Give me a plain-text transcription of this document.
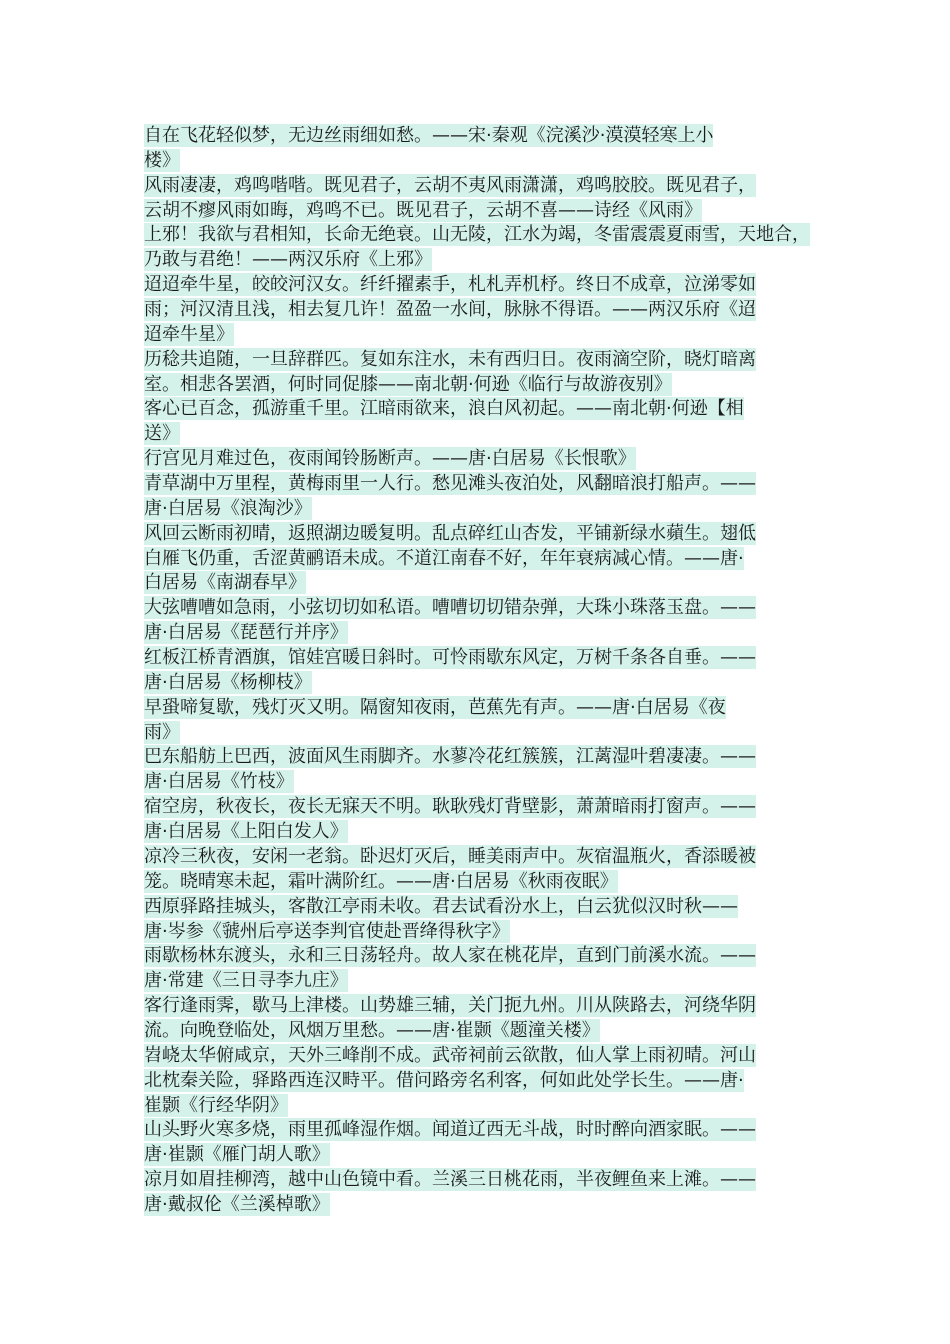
自在飞花轻似梦，无边丝雨细如愁。——宋·秦观《浣溪沙·漠漠轻寒上小
楼》
风雨凄凄，鸡鸣喈喈。既见君子，云胡不夷风雨潇潇，鸡鸣胶胶。既见君子，
云胡不瘳风雨如晦，鸡鸣不已。既见君子，云胡不喜——诗经《风雨》
上邪！我欲与君相知，长命无绝衰。山无陵，江水为竭，冬雷震震夏雨雪，天地合，
乃敢与君绝！——两汉乐府《上邪》
迢迢牵牛星，皎皎河汉女。纤纤擢素手，札札弄机杼。终日不成章，泣涕零如
雨；河汉清且浅，相去复几许！盈盈一水间，脉脉不得语。——两汉乐府《迢
迢牵牛星》
历稔共追随，一旦辞群匹。复如东注水，未有西归日。夜雨滴空阶，晓灯暗离
室。相悲各罢酒，何时同促膝——南北朝·何逊《临行与故游夜别》
客心已百念，孤游重千里。江暗雨欲来，浪白风初起。——南北朝·何逊【相
送》
行宫见月难过色，夜雨闻铃肠断声。——唐·白居易《长恨歌》
青草湖中万里程，黄梅雨里一人行。愁见滩头夜泊处，风翻暗浪打船声。——
唐·白居易《浪淘沙》
风回云断雨初晴，返照湖边暖复明。乱点碎红山杏发，平铺新绿水蘋生。翅低
白雁飞仍重，舌涩黄鹂语未成。不道江南春不好，年年衰病减心情。——唐·
白居易《南湖春早》
大弦嘈嘈如急雨，小弦切切如私语。嘈嘈切切错杂弹，大珠小珠落玉盘。——
唐·白居易《琵琶行并序》
红板江桥青酒旗，馆娃宫暖日斜时。可怜雨歇东风定，万树千条各自垂。——
唐·白居易《杨柳枝》
早蛩啼复歇，残灯灭又明。隔窗知夜雨，芭蕉先有声。——唐·白居易《夜
雨》
巴东船舫上巴西，波面风生雨脚齐。水蓼冷花红簇簇，江蓠湿叶碧凄凄。——
唐·白居易《竹枝》
宿空房，秋夜长，夜长无寐天不明。耿耿残灯背壁影，萧萧暗雨打窗声。——
唐·白居易《上阳白发人》
凉冷三秋夜，安闲一老翁。卧迟灯灭后，睡美雨声中。灰宿温瓶火，香添暖被
笼。晓晴寒未起，霜叶满阶红。——唐·白居易《秋雨夜眠》
西原驿路挂城头，客散江亭雨未收。君去试看汾水上，白云犹似汉时秋——
唐·岑参《虢州后亭送李判官使赴晋绛得秋字》
雨歇杨林东渡头，永和三日荡轻舟。故人家在桃花岸，直到门前溪水流。——
唐·常建《三日寻李九庄》
客行逢雨霁，歇马上津楼。山势雄三辅，关门扼九州。川从陕路去，河绕华阴
流。向晚登临处，风烟万里愁。——唐·崔颢《题潼关楼》
岧峣太华俯咸京，天外三峰削不成。武帝祠前云欲散，仙人掌上雨初晴。河山
北枕秦关险，驿路西连汉畤平。借问路旁名利客，何如此处学长生。——唐·
崔颢《行经华阴》
山头野火寒多烧，雨里孤峰湿作烟。闻道辽西无斗战，时时醉向酒家眠。——
唐·崔颢《雁门胡人歌》
凉月如眉挂柳湾，越中山色镜中看。兰溪三日桃花雨，半夜鲤鱼来上滩。——
唐·戴叔伦《兰溪棹歌》
